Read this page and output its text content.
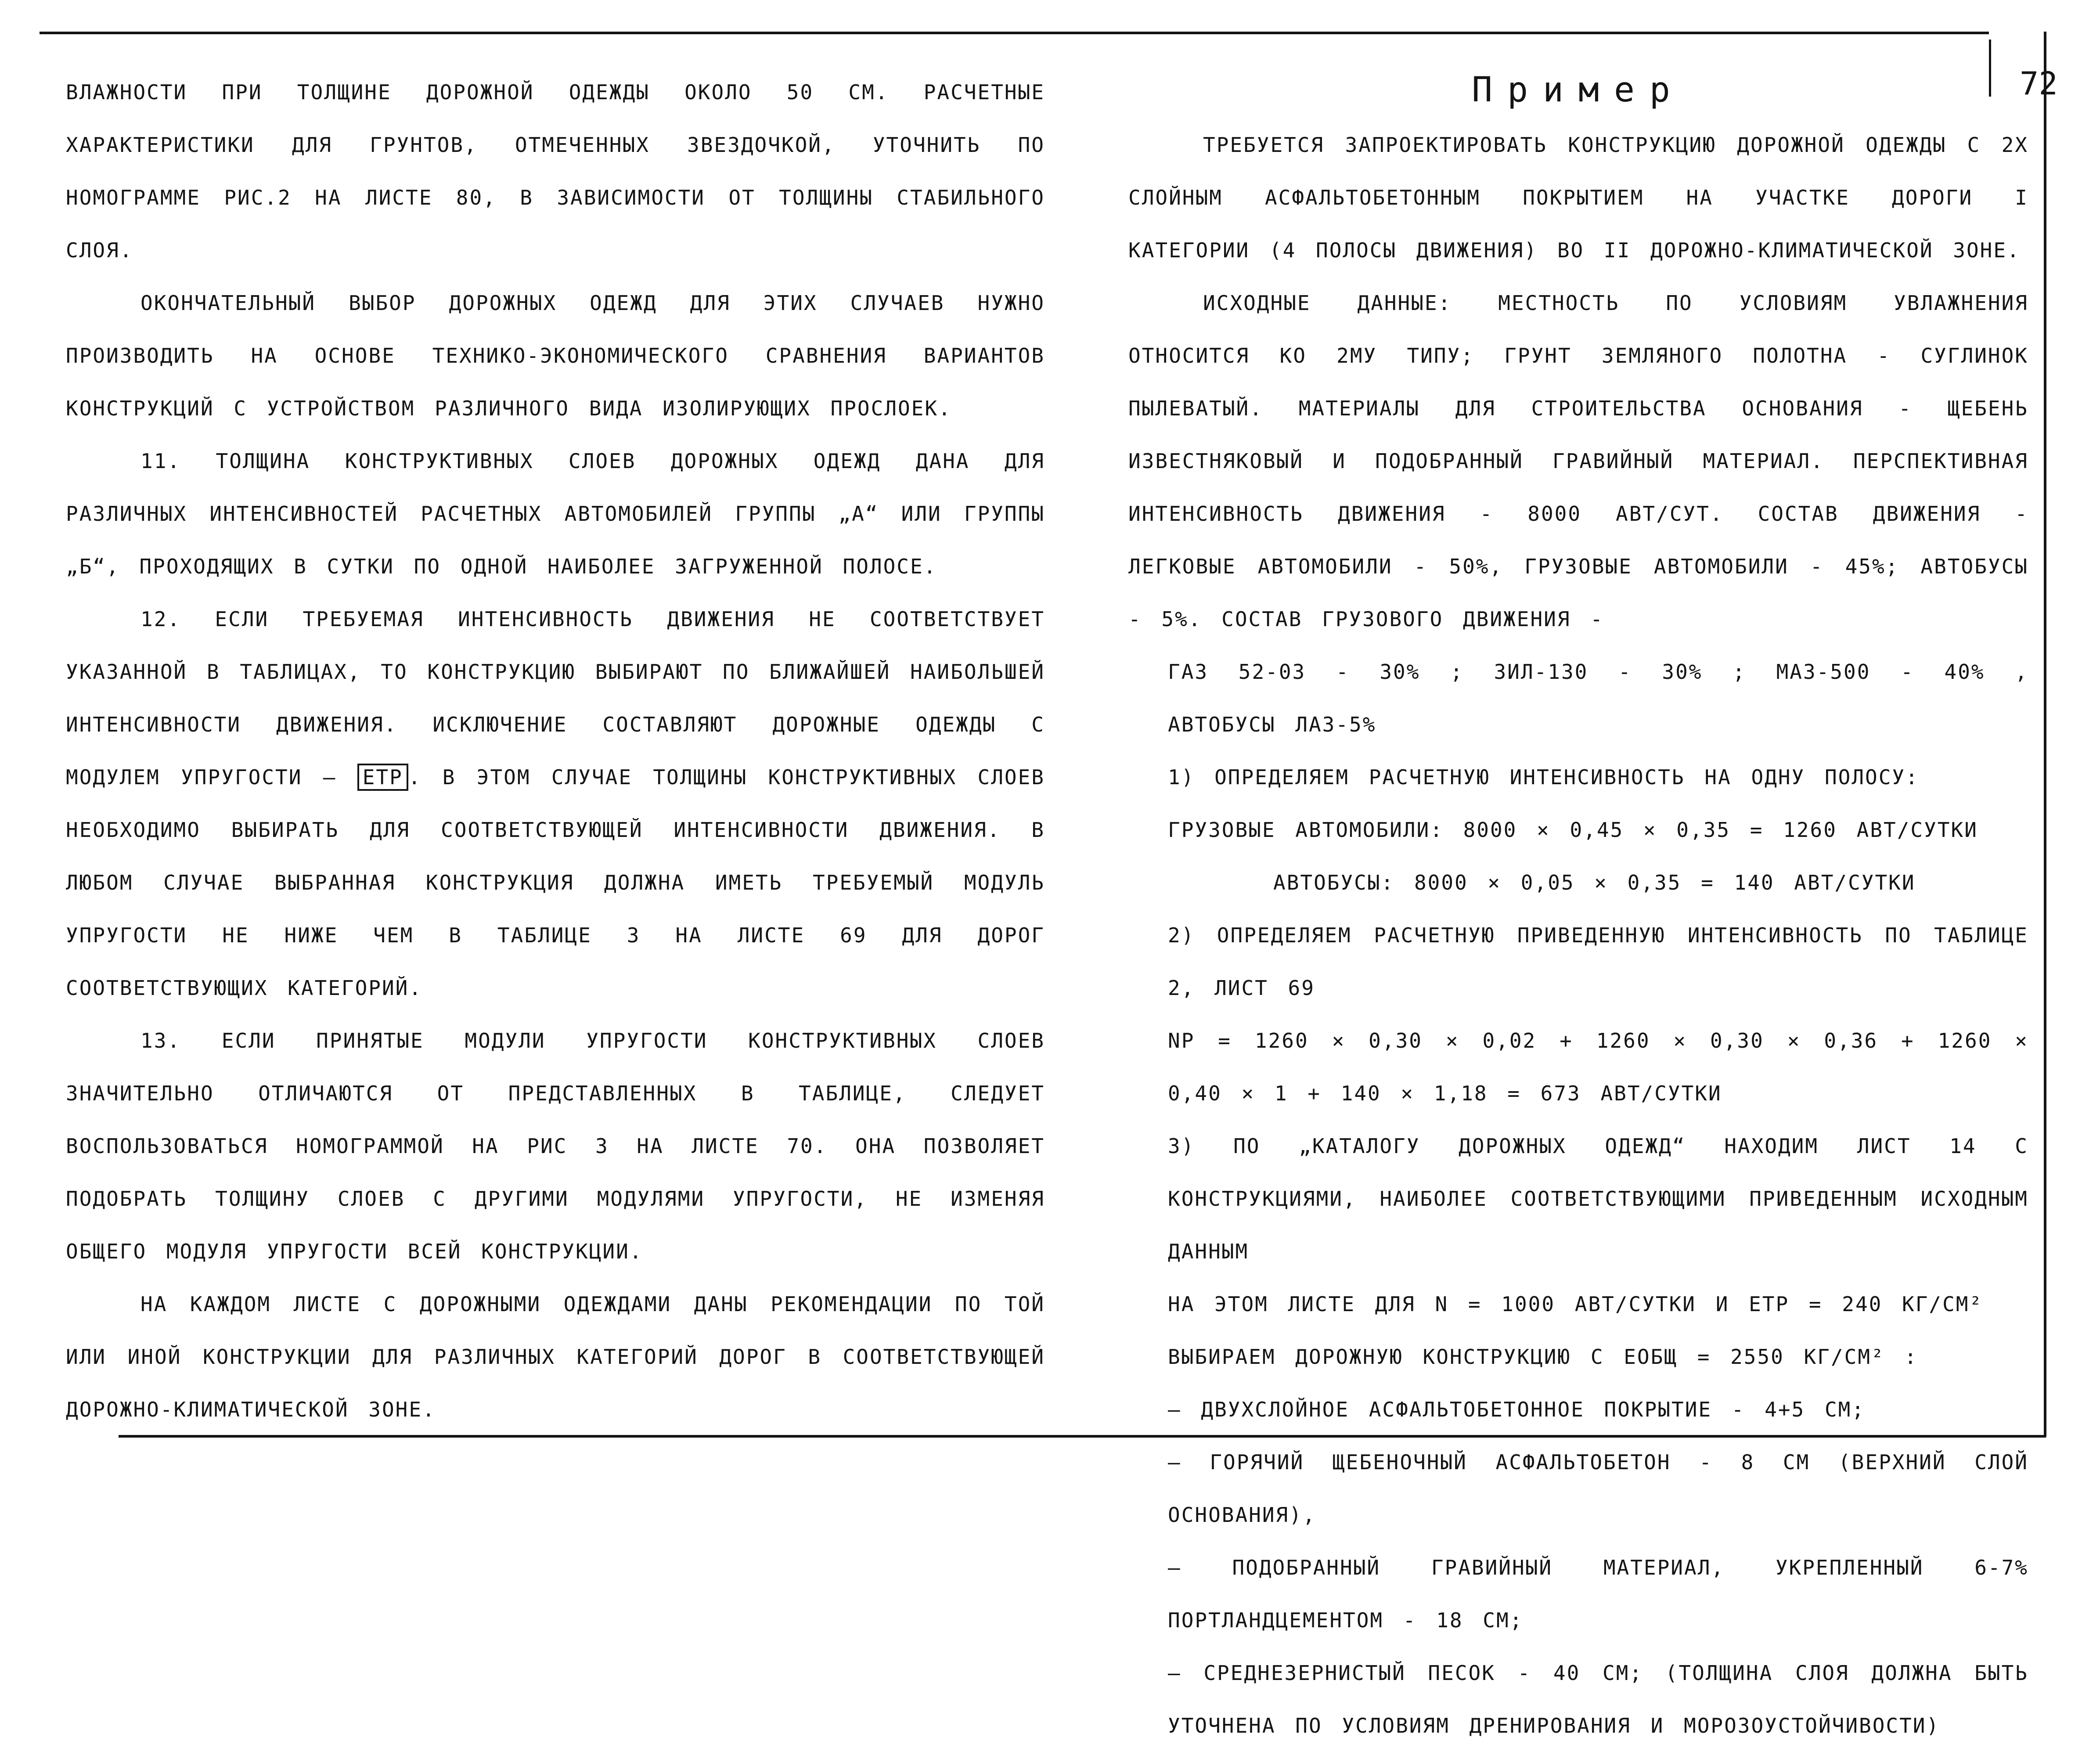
72

ВЛАЖНОСТИ ПРИ ТОЛЩИНЕ ДОРОЖНОЙ ОДЕЖДЫ ОКОЛО 50 СМ. РАСЧЕТНЫЕ ХАРАКТЕРИСТИКИ ДЛЯ ГРУНТОВ, ОТМЕЧЕННЫХ ЗВЕЗДОЧКОЙ, УТОЧНИТЬ ПО НОМОГРАММЕ РИС.2 НА ЛИСТЕ 80, В ЗАВИСИМОСТИ ОТ ТОЛЩИНЫ СТАБИЛЬНОГО СЛОЯ.

ОКОНЧАТЕЛЬНЫЙ ВЫБОР ДОРОЖНЫХ ОДЕЖД ДЛЯ ЭТИХ СЛУЧАЕВ НУЖНО ПРОИЗВОДИТЬ НА ОСНОВЕ ТЕХНИКО-ЭКОНОМИЧЕСКОГО СРАВНЕНИЯ ВАРИАНТОВ КОНСТРУКЦИЙ С УСТРОЙСТВОМ РАЗЛИЧНОГО ВИДА ИЗОЛИРУЮЩИХ ПРОСЛОЕК.

11. ТОЛЩИНА КОНСТРУКТИВНЫХ СЛОЕВ ДОРОЖНЫХ ОДЕЖД ДАНА ДЛЯ РАЗЛИЧНЫХ ИНТЕНСИВНОСТЕЙ РАСЧЕТНЫХ АВТОМОБИЛЕЙ ГРУППЫ „А“ ИЛИ ГРУППЫ „Б“, ПРОХОДЯЩИХ В СУТКИ ПО ОДНОЙ НАИБОЛЕЕ ЗАГРУЖЕННОЙ ПОЛОСЕ.

12. ЕСЛИ ТРЕБУЕМАЯ ИНТЕНСИВНОСТЬ ДВИЖЕНИЯ НЕ СООТВЕТСТВУЕТ УКАЗАННОЙ В ТАБЛИЦАХ, ТО КОНСТРУКЦИЮ ВЫБИРАЮТ ПО БЛИЖАЙШЕЙ НАИБОЛЬШЕЙ ИНТЕНСИВНОСТИ ДВИЖЕНИЯ. ИСКЛЮЧЕНИЕ СОСТАВЛЯЮТ ДОРОЖНЫЕ ОДЕЖДЫ С МОДУЛЕМ УПРУГОСТИ — ЕТР . В ЭТОМ СЛУЧАЕ ТОЛЩИНЫ КОНСТРУКТИВНЫХ СЛОЕВ НЕОБХОДИМО ВЫБИРАТЬ ДЛЯ СООТВЕТСТВУЮЩЕЙ ИНТЕНСИВНОСТИ ДВИЖЕНИЯ. В ЛЮБОМ СЛУЧАЕ ВЫБРАННАЯ КОНСТРУКЦИЯ ДОЛЖНА ИМЕТЬ ТРЕБУЕМЫЙ МОДУЛЬ УПРУГОСТИ НЕ НИЖЕ ЧЕМ В ТАБЛИЦЕ 3 НА ЛИСТЕ 69 ДЛЯ ДОРОГ СООТВЕТСТВУЮЩИХ КАТЕГОРИЙ.

13. ЕСЛИ ПРИНЯТЫЕ МОДУЛИ УПРУГОСТИ КОНСТРУКТИВНЫХ СЛОЕВ ЗНАЧИТЕЛЬНО ОТЛИЧАЮТСЯ ОТ ПРЕДСТАВЛЕННЫХ В ТАБЛИЦЕ, СЛЕДУЕТ ВОСПОЛЬЗОВАТЬСЯ НОМОГРАММОЙ НА РИС 3 НА ЛИСТЕ 70. ОНА ПОЗВОЛЯЕТ ПОДОБРАТЬ ТОЛЩИНУ СЛОЕВ С ДРУГИМИ МОДУЛЯМИ УПРУГОСТИ, НЕ ИЗМЕНЯЯ ОБЩЕГО МОДУЛЯ УПРУГОСТИ ВСЕЙ КОНСТРУКЦИИ.

НА КАЖДОМ ЛИСТЕ С ДОРОЖНЫМИ ОДЕЖДАМИ ДАНЫ РЕКОМЕНДАЦИИ ПО ТОЙ ИЛИ ИНОЙ КОНСТРУКЦИИ ДЛЯ РАЗЛИЧНЫХ КАТЕГОРИЙ ДОРОГ В СООТВЕТСТВУЮЩЕЙ ДОРОЖНО-КЛИМАТИЧЕСКОЙ ЗОНЕ.

Пример

ТРЕБУЕТСЯ ЗАПРОЕКТИРОВАТЬ КОНСТРУКЦИЮ ДОРОЖНОЙ ОДЕЖДЫ С 2Х СЛОЙНЫМ АСФАЛЬТОБЕТОННЫМ ПОКРЫТИЕМ НА УЧАСТКЕ ДОРОГИ I КАТЕГОРИИ (4 ПОЛОСЫ ДВИЖЕНИЯ) ВО II ДОРОЖНО-КЛИМАТИЧЕСКОЙ ЗОНЕ.

ИСХОДНЫЕ ДАННЫЕ: МЕСТНОСТЬ ПО УСЛОВИЯМ УВЛАЖНЕНИЯ ОТНОСИТСЯ КО 2МУ ТИПУ; ГРУНТ ЗЕМЛЯНОГО ПОЛОТНА - СУГЛИНОК ПЫЛЕВАТЫЙ. МАТЕРИАЛЫ ДЛЯ СТРОИТЕЛЬСТВА ОСНОВАНИЯ - ЩЕБЕНЬ ИЗВЕСТНЯКОВЫЙ И ПОДОБРАННЫЙ ГРАВИЙНЫЙ МАТЕРИАЛ. ПЕРСПЕКТИВНАЯ ИНТЕНСИВНОСТЬ ДВИЖЕНИЯ - 8000 АВТ/СУТ. СОСТАВ ДВИЖЕНИЯ - ЛЕГКОВЫЕ АВТОМОБИЛИ - 50%, ГРУЗОВЫЕ АВТОМОБИЛИ - 45%; АВТОБУСЫ - 5%. СОСТАВ ГРУЗОВОГО ДВИЖЕНИЯ -

ГАЗ 52-03 - 30% ; ЗИЛ-130 - 30% ; МАЗ-500 - 40% , АВТОБУСЫ ЛАЗ-5%

1) ОПРЕДЕЛЯЕМ РАСЧЕТНУЮ ИНТЕНСИВНОСТЬ НА ОДНУ ПОЛОСУ:

ГРУЗОВЫЕ АВТОМОБИЛИ: 8000 × 0,45 × 0,35 = 1260 АВТ/СУТКИ

АВТОБУСЫ: 8000 × 0,05 × 0,35 = 140 АВТ/СУТКИ

2) ОПРЕДЕЛЯЕМ РАСЧЕТНУЮ ПРИВЕДЕННУЮ ИНТЕНСИВНОСТЬ ПО ТАБЛИЦЕ 2, ЛИСТ 69

NР = 1260 × 0,30 × 0,02 + 1260 × 0,30 × 0,36 + 1260 × 0,40 × 1 + 140 × 1,18 = 673 АВТ/СУТКИ

3) ПО „КАТАЛОГУ ДОРОЖНЫХ ОДЕЖД“ НАХОДИМ ЛИСТ 14 С КОНСТРУКЦИЯМИ, НАИБОЛЕЕ СООТВЕТСТВУЮЩИМИ ПРИВЕДЕННЫМ ИСХОДНЫМ ДАННЫМ

НА ЭТОМ ЛИСТЕ ДЛЯ N = 1000 АВТ/СУТКИ И ЕТР = 240 КГ/СМ²

ВЫБИРАЕМ ДОРОЖНУЮ КОНСТРУКЦИЮ С ЕОБЩ = 2550 КГ/СМ² :

— ДВУХСЛОЙНОЕ АСФАЛЬТОБЕТОННОЕ ПОКРЫТИЕ - 4+5 СМ;

— ГОРЯЧИЙ ЩЕБЕНОЧНЫЙ АСФАЛЬТОБЕТОН - 8 СМ (ВЕРХНИЙ СЛОЙ ОСНОВАНИЯ),

— ПОДОБРАННЫЙ ГРАВИЙНЫЙ МАТЕРИАЛ, УКРЕПЛЕННЫЙ 6-7% ПОРТЛАНДЦЕМЕНТОМ - 18 СМ;

— СРЕДНЕЗЕРНИСТЫЙ ПЕСОК - 40 СМ; (ТОЛЩИНА СЛОЯ ДОЛЖНА БЫТЬ УТОЧНЕНА ПО УСЛОВИЯМ ДРЕНИРОВАНИЯ И МОРОЗОУСТОЙЧИВОСТИ)
